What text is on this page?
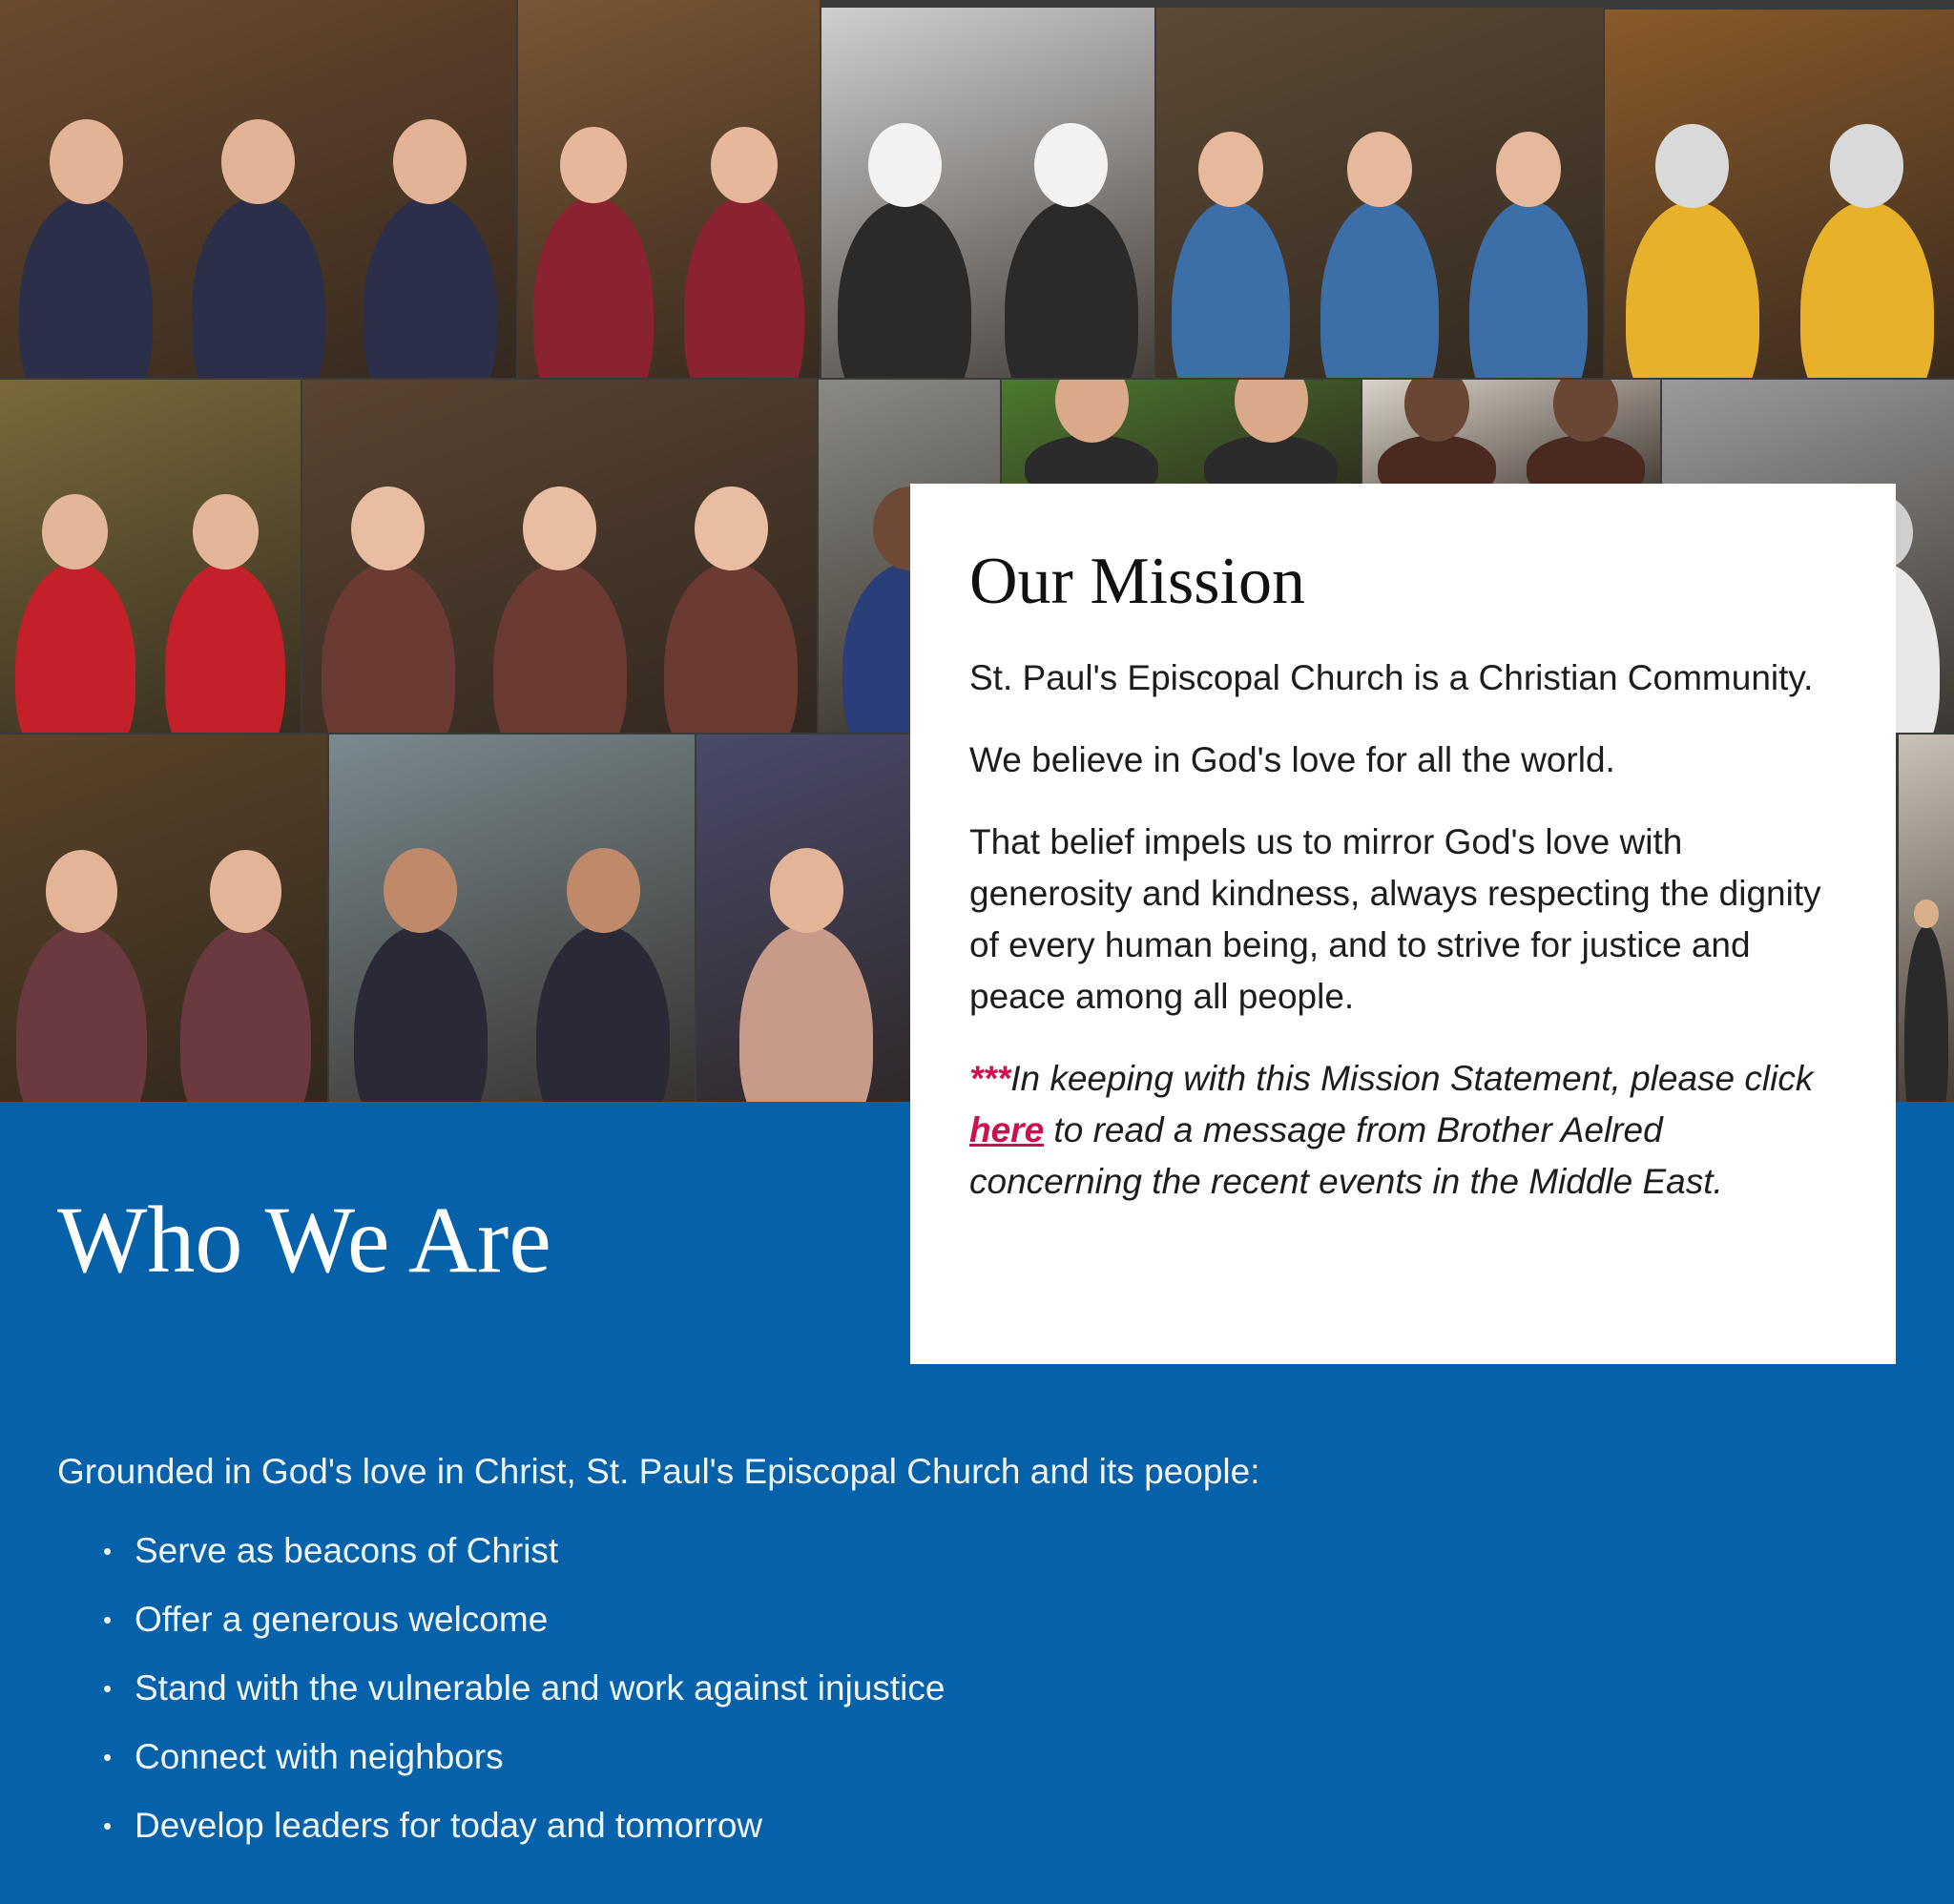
Who We Are
Our Mission

St. Paul's Episcopal Church is a Christian Community.

We believe in God's love for all the world.

That belief impels us to mirror God's love with generosity and kindness, always respecting the dignity of every human being, and to strive for justice and peace among all people.

***In keeping with this Mission Statement, please click here to read a message from Brother Aelred concerning the recent events in the Middle East.

Grounded in God's love in Christ, St. Paul's Episcopal Church and its people:

• Serve as beacons of Christ
• Offer a generous welcome
• Stand with the vulnerable and work against injustice
• Connect with neighbors
• Develop leaders for today and tomorrow
